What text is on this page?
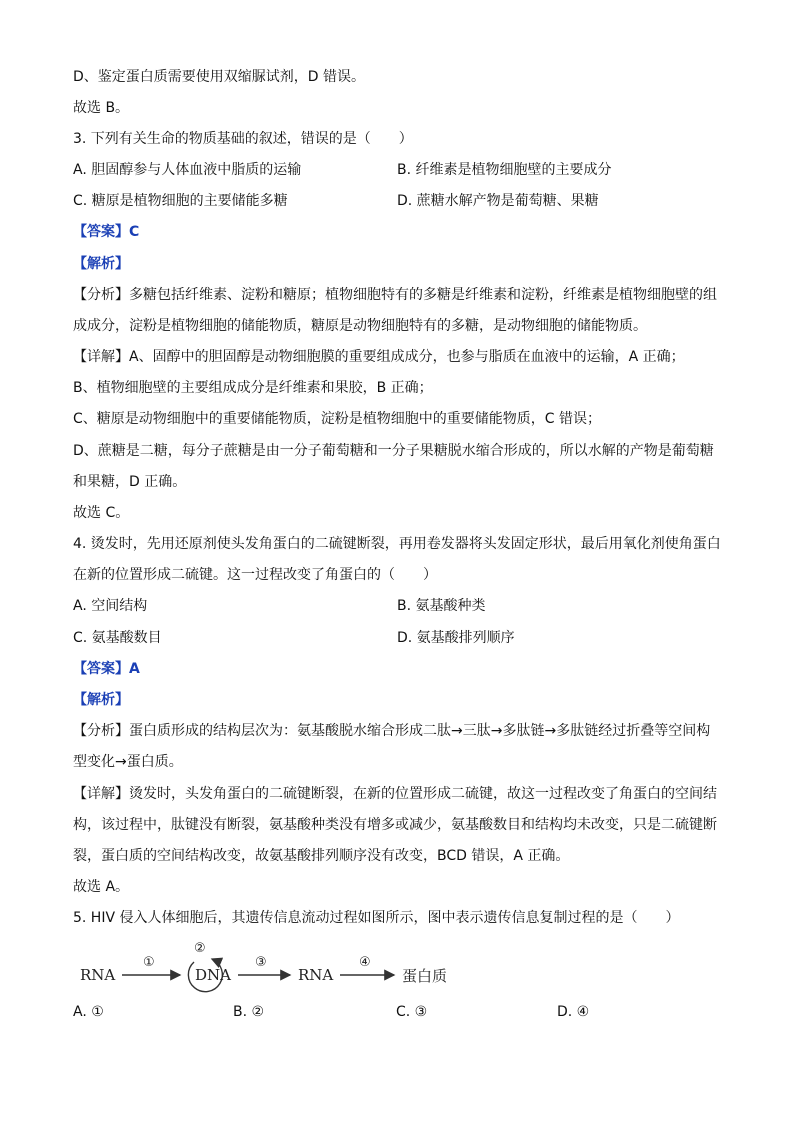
D、鉴定蛋白质需要使用双缩脲试剂，D 错误。
故选 B。
3. 下列有关生命的物质基础的叙述，错误的是（　　）
A. 胆固醇参与人体血液中脂质的运输	B. 纤维素是植物细胞壁的主要成分
C. 糖原是植物细胞的主要储能多糖	D. 蔗糖水解产物是葡萄糖、果糖
【答案】C
【解析】
【分析】多糖包括纤维素、淀粉和糖原；植物细胞特有的多糖是纤维素和淀粉，纤维素是植物细胞壁的组
成成分，淀粉是植物细胞的储能物质，糖原是动物细胞特有的多糖，是动物细胞的储能物质。
【详解】A、固醇中的胆固醇是动物细胞膜的重要组成成分，也参与脂质在血液中的运输，A 正确；
B、植物细胞壁的主要组成成分是纤维素和果胶，B 正确；
C、糖原是动物细胞中的重要储能物质，淀粉是植物细胞中的重要储能物质，C 错误；
D、蔗糖是二糖，每分子蔗糖是由一分子葡萄糖和一分子果糖脱水缩合形成的，所以水解的产物是葡萄糖
和果糖，D 正确。
故选 C。
4. 烫发时，先用还原剂使头发角蛋白的二硫键断裂，再用卷发器将头发固定形状，最后用氧化剂使角蛋白
在新的位置形成二硫键。这一过程改变了角蛋白的（　　）
A. 空间结构	B. 氨基酸种类
C. 氨基酸数目	D. 氨基酸排列顺序
【答案】A
【解析】
【分析】蛋白质形成的结构层次为：氨基酸脱水缩合形成二肽→三肽→多肽链→多肽链经过折叠等空间构
型变化→蛋白质。
【详解】烫发时，头发角蛋白的二硫键断裂，在新的位置形成二硫键，故这一过程改变了角蛋白的空间结
构，该过程中，肽键没有断裂，氨基酸种类没有增多或减少，氨基酸数目和结构均未改变，只是二硫键断
裂，蛋白质的空间结构改变，故氨基酸排列顺序没有改变，BCD 错误，A 正确。
故选 A。
5. HIV 侵入人体细胞后，其遗传信息流动过程如图所示，图中表示遗传信息复制过程的是（　　）
RNA
①
②
DNA
③
RNA
④
蛋白质
A. ①	B. ②	C. ③	D. ④
